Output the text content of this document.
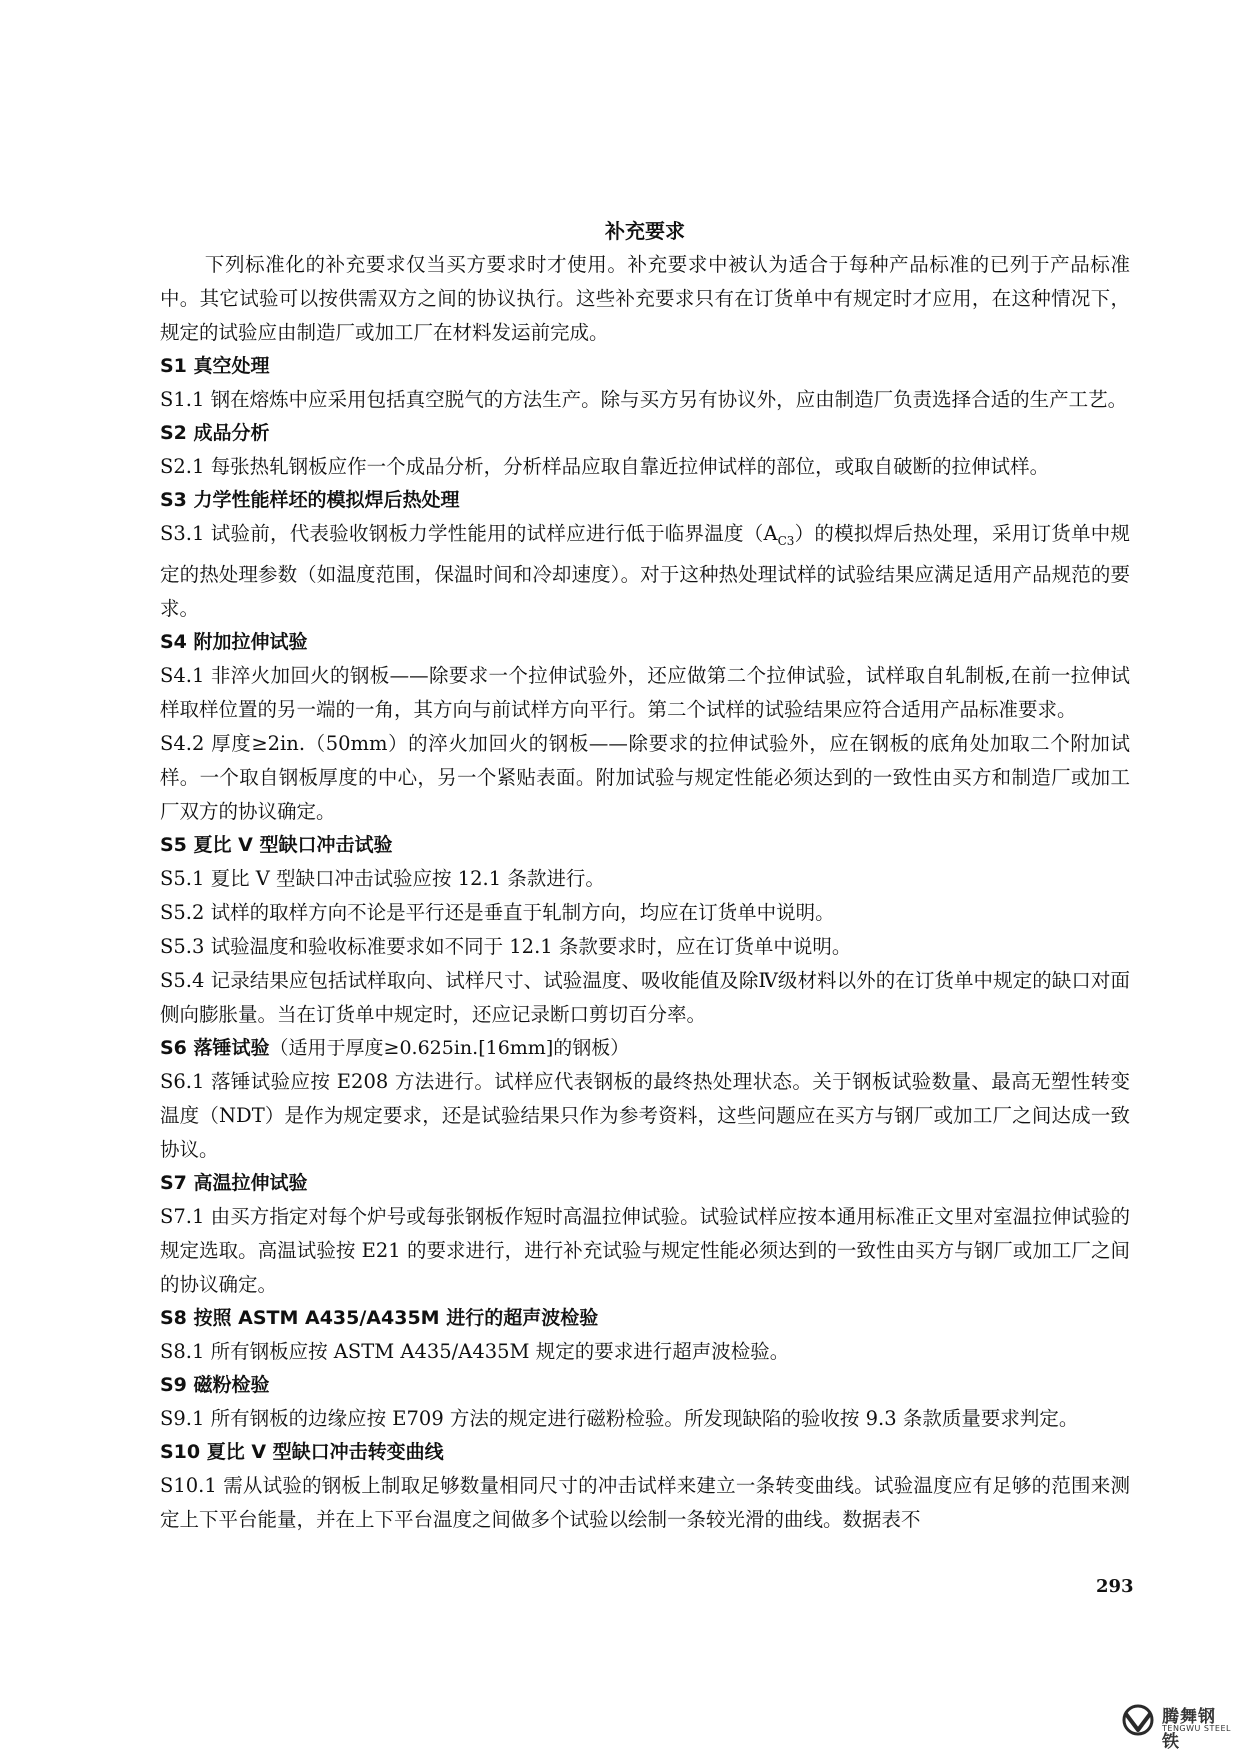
补充要求

下列标准化的补充要求仅当买方要求时才使用。补充要求中被认为适合于每种产品标准的已列于产品标准中。其它试验可以按供需双方之间的协议执行。这些补充要求只有在订货单中有规定时才应用，在这种情况下，规定的试验应由制造厂或加工厂在材料发运前完成。

S1 真空处理

S1.1 钢在熔炼中应采用包括真空脱气的方法生产。除与买方另有协议外，应由制造厂负责选择合适的生产工艺。

S2 成品分析

S2.1 每张热轧钢板应作一个成品分析，分析样品应取自靠近拉伸试样的部位，或取自破断的拉伸试样。

S3 力学性能样坯的模拟焊后热处理

S3.1 试验前，代表验收钢板力学性能用的试样应进行低于临界温度$(A_{C3})$的模拟焊后热处理，采用订货单中规定的热处理参数（如温度范围，保温时间和冷却速度）。对于这种热处理试样的试验结果应满足适用产品规范的要求。

S4 附加拉伸试验

S4.1 非淬火加回火的钢板——除要求一个拉伸试验外，还应做第二个拉伸试验，试样取自轧制板,在前一拉伸试样取样位置的另一端的一角，其方向与前试样方向平行。第二个试样的试验结果应符合适用产品标准要求。

S4.2 厚度≥2in.（50mm）的淬火加回火的钢板——除要求的拉伸试验外，应在钢板的底角处加取二个附加试样。一个取自钢板厚度的中心，另一个紧贴表面。附加试验与规定性能必须达到的一致性由买方和制造厂或加工厂双方的协议确定。

S5 夏比 V 型缺口冲击试验

S5.1 夏比 V 型缺口冲击试验应按 12.1 条款进行。

S5.2 试样的取样方向不论是平行还是垂直于轧制方向，均应在订货单中说明。

S5.3 试验温度和验收标准要求如不同于 12.1 条款要求时，应在订货单中说明。

S5.4 记录结果应包括试样取向、试样尺寸、试验温度、吸收能值及除Ⅳ级材料以外的在订货单中规定的缺口对面侧向膨胀量。当在订货单中规定时，还应记录断口剪切百分率。

S6 落锤试验（适用于厚度≥0.625in.[16mm]的钢板）

S6.1 落锤试验应按 E208 方法进行。试样应代表钢板的最终热处理状态。关于钢板试验数量、最高无塑性转变温度（NDT）是作为规定要求，还是试验结果只作为参考资料，这些问题应在买方与钢厂或加工厂之间达成一致协议。

S7 高温拉伸试验

S7.1 由买方指定对每个炉号或每张钢板作短时高温拉伸试验。试验试样应按本通用标准正文里对室温拉伸试验的规定选取。高温试验按 E21 的要求进行，进行补充试验与规定性能必须达到的一致性由买方与钢厂或加工厂之间的协议确定。

S8 按照 ASTM A435/A435M 进行的超声波检验

S8.1 所有钢板应按 ASTM A435/A435M 规定的要求进行超声波检验。

S9 磁粉检验

S9.1 所有钢板的边缘应按 E709 方法的规定进行磁粉检验。所发现缺陷的验收按 9.3 条款质量要求判定。

S10 夏比 V 型缺口冲击转变曲线

S10.1 需从试验的钢板上制取足够数量相同尺寸的冲击试样来建立一条转变曲线。试验温度应有足够的范围来测定上下平台能量，并在上下平台温度之间做多个试验以绘制一条较光滑的曲线。数据表不

293
腾舞钢铁
TENGWU STEEL
